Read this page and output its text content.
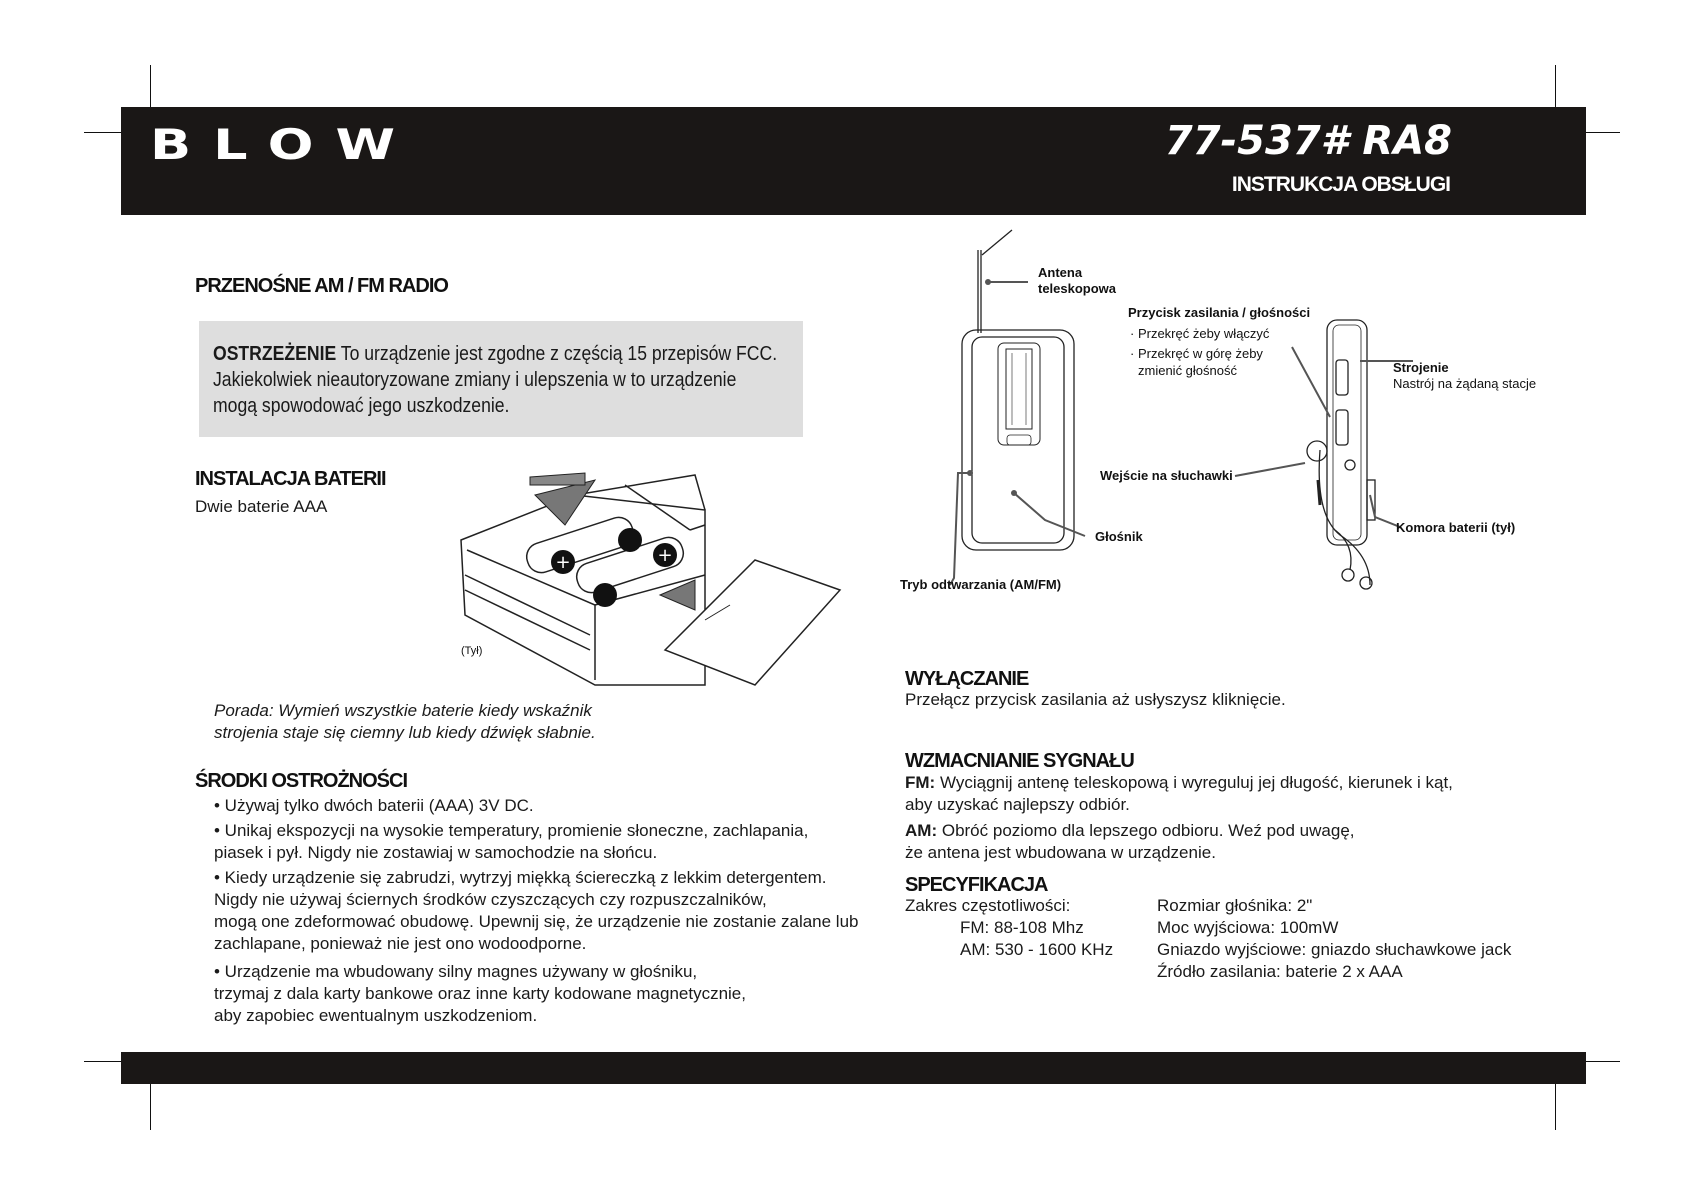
BLOW	77-537# RA8
INSTRUKCJA OBSŁUGI
PRZENOŚNE AM / FM RADIO
OSTRZEŻENIE To urządzenie jest zgodne z częścią 15 przepisów FCC.
Jakiekolwiek nieautoryzowane zmiany i ulepszenia w to urządzenie
mogą spowodować jego uszkodzenie.
INSTALACJA BATERII
Dwie baterie AAA
+	+
(Tył)
Porada: Wymień wszystkie baterie kiedy wskaźnik
strojenia staje się ciemny lub kiedy dźwięk słabnie.
ŚRODKI OSTROŻNOŚCI
• Używaj tylko dwóch baterii (AAA) 3V DC.
• Unikaj ekspozycji na wysokie temperatury, promienie słoneczne, zachlapania,
piasek i pył. Nigdy nie zostawiaj w samochodzie na słońcu.
• Kiedy urządzenie się zabrudzi, wytrzyj miękką ściereczką z lekkim detergentem.
Nigdy nie używaj ściernych środków czyszczących czy rozpuszczalników,
mogą one zdeformować obudowę. Upewnij się, że urządzenie nie zostanie zalane lub
zachlapane, ponieważ nie jest ono wodoodporne.
• Urządzenie ma wbudowany silny magnes używany w głośniku,
trzymaj z dala karty bankowe oraz inne karty kodowane magnetycznie,
aby zapobiec ewentualnym uszkodzeniom.
Antena
teleskopowa
Przycisk zasilania / głośności
· Przekręć żeby włączyć
· Przekręć w górę żeby
zmienić głośność	Strojenie
Nastrój na żądaną stacje
Wejście na słuchawki
Głośnik
Komora baterii (tył)
Tryb odtwarzania (AM/FM)
WYŁĄCZANIE
Przełącz przycisk zasilania aż usłyszysz kliknięcie.
WZMACNIANIE SYGNAŁU
FM: Wyciągnij antenę teleskopową i wyreguluj jej długość, kierunek i kąt,
aby uzyskać najlepszy odbiór.
AM: Obróć poziomo dla lepszego odbioru. Weź pod uwagę,
że antena jest wbudowana w urządzenie.
SPECYFIKACJA
Zakres częstotliwości:
FM: 88-108 Mhz
AM: 530 - 1600 KHz
Rozmiar głośnika: 2"
Moc wyjściowa: 100mW
Gniazdo wyjściowe: gniazdo słuchawkowe jack
Źródło zasilania: baterie 2 x AAA
